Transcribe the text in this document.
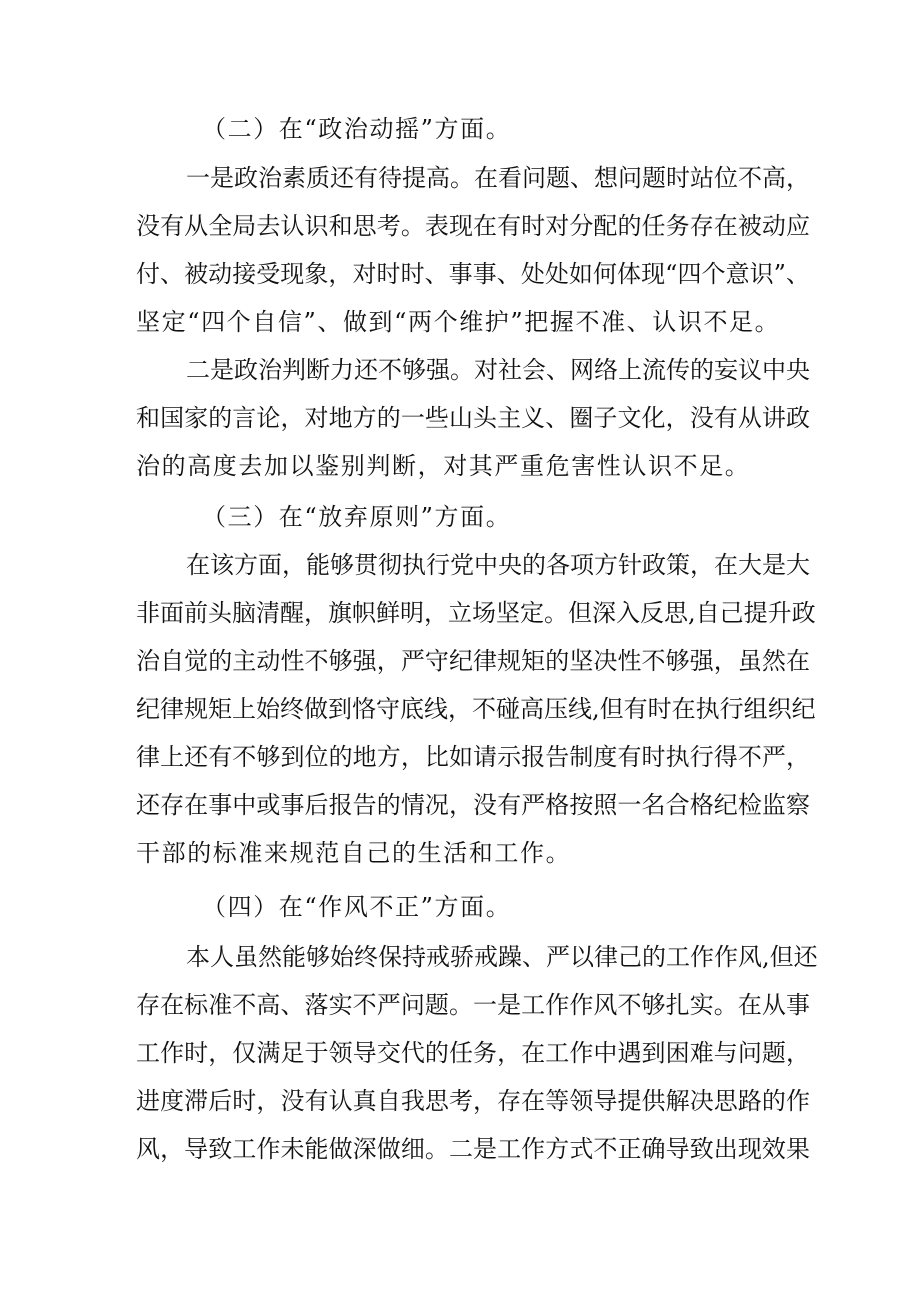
（二）在“政治动摇”方面。
一是政治素质还有待提高。在看问题、想问题时站位不高，
没有从全局去认识和思考。表现在有时对分配的任务存在被动应
付、被动接受现象，对时时、事事、处处如何体现“四个意识”、
坚定“四个自信”、做到“两个维护”把握不准、认识不足。
二是政治判断力还不够强。对社会、网络上流传的妄议中央
和国家的言论，对地方的一些山头主义、圈子文化，没有从讲政
治的高度去加以鉴别判断，对其严重危害性认识不足。
（三）在“放弃原则”方面。
在该方面，能够贯彻执行党中央的各项方针政策，在大是大
非面前头脑清醒，旗帜鲜明，立场坚定。但深入反思,自己提升政
治自觉的主动性不够强，严守纪律规矩的坚决性不够强，虽然在
纪律规矩上始终做到恪守底线，不碰高压线,但有时在执行组织纪
律上还有不够到位的地方，比如请示报告制度有时执行得不严，
还存在事中或事后报告的情况，没有严格按照一名合格纪检监察
干部的标准来规范自己的生活和工作。
（四）在“作风不正”方面。
本人虽然能够始终保持戒骄戒躁、严以律己的工作作风,但还
存在标准不高、落实不严问题。一是工作作风不够扎实。在从事
工作时，仅满足于领导交代的任务，在工作中遇到困难与问题，
进度滞后时，没有认真自我思考，存在等领导提供解决思路的作
风，导致工作未能做深做细。二是工作方式不正确导致出现效果
